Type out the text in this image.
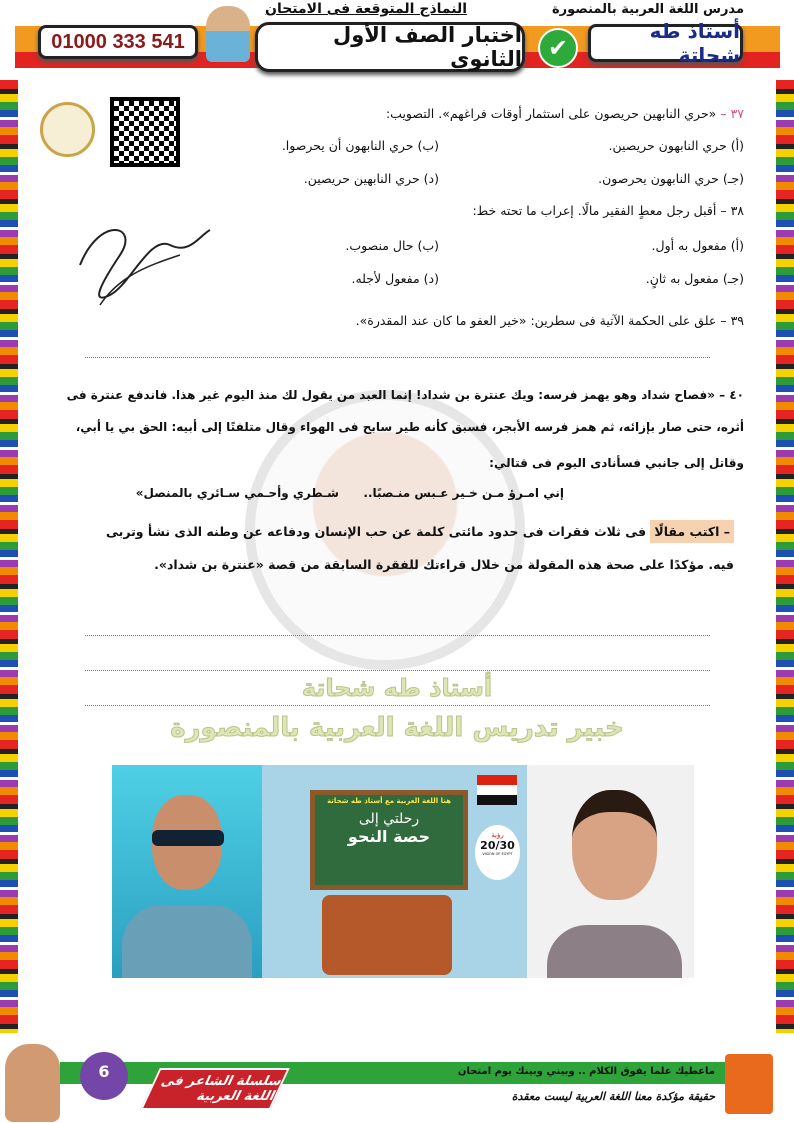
مدرس اللغة العربية بالمنصورة
النماذج المتوقعة فى الامتحان
أستاذ طه شحاتة
✔
اختبار الصف الأول الثانوي
01000 333 541
٣٧ – «حري النابهين حريصون على استثمار أوقات فراغهم». التصويب:
(أ) حري النابهون حريصين.
(ب) حري النابهون أن يحرصوا.
(جـ) حري النابهون يحرصون.
(د) حري النابهين حريصين.
٣٨ – أقبل رجل معطٍ الفقير مالًا. إعراب ما تحته خط:
(أ) مفعول به أول.
(ب) حال منصوب.
(جـ) مفعول به ثانٍ.
(د) مفعول لأجله.
٣٩ – علق على الحكمة الآتية فى سطرين: «خير العفو ما كان عند المقدرة».
٤٠ – «فصاح شداد وهو يهمز فرسه: ويك عنترة بن شداد! إنما العبد من يقول لك منذ اليوم غير هذا. فاندفع عنترة فى
أثره، حتى صار بإزائه، ثم همز فرسه الأبجر، فسبق كأنه طير سابح فى الهواء وقال متلفتًا إلى أبيه: الحق بي يا أبي،
وقاتل إلى جانبي فسأنادى اليوم فى قتالي:
إني امـرؤ مـن خـير عـبس منـصبًا..
شـطري وأحـمي سـائري بالمنصل»
– اكتب مقالًا فى ثلاث فقرات فى حدود مائتى كلمة عن حب الإنسان ودفاعه عن وطنه الذى نشأ وتربى
فيه. مؤكدًا على صحة هذه المقولة من خلال قراءتك للفقرة السابقة من قصة «عنترة بن شداد».
أستاذ طه شحاتة
خبير تدريس اللغة العربية بالمنصورة
هنا اللغة العربية مع أستاذ طه شحاتة
رحلتي إلى
حصة النحو	رؤية
20/30
VISION OF EGYPT
6
سلسلة الشاعر فى اللغة العربية
ماعطيك علما يفوق الكلام .. وبيني وبينك يوم امتحان
حقيقة مؤكدة معنا اللغة العربية ليست معقدة
